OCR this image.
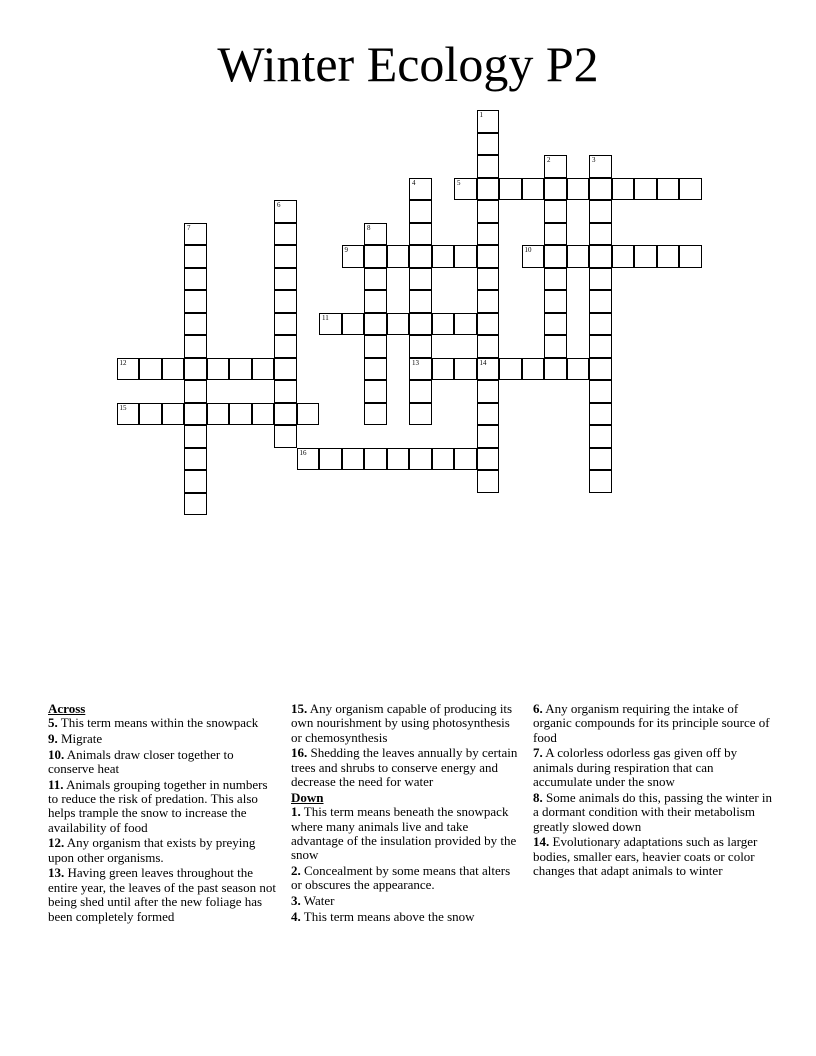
Winter Ecology P2
1
14
2	3
4
13
5
6
7	8
9	10
11
12
15
16
Across
5. This term means within the snowpack
9. Migrate
10. Animals draw closer together to conserve heat
11. Animals grouping together in numbers to reduce the risk of predation. This also helps trample the snow to increase the availability of food
12. Any organism that exists by preying upon other organisms.
13. Having green leaves throughout the entire year, the leaves of the past season not being shed until after the new foliage has been completely formed
15. Any organism capable of producing its own nourishment by using photosynthesis or chemosynthesis
16. Shedding the leaves annually by certain trees and shrubs to conserve energy and decrease the need for water
Down
1. This term means beneath the snowpack where many animals live and take advantage of the insulation provided by the snow
2. Concealment by some means that alters or obscures the appearance.
3. Water
4. This term means above the snow
6. Any organism requiring the intake of organic compounds for its principle source of food
7. A colorless odorless gas given off by animals during respiration that can accumulate under the snow
8. Some animals do this, passing the winter in a dormant condition with their metabolism greatly slowed down
14. Evolutionary adaptations such as larger bodies, smaller ears, heavier coats or color changes that adapt animals to winter
